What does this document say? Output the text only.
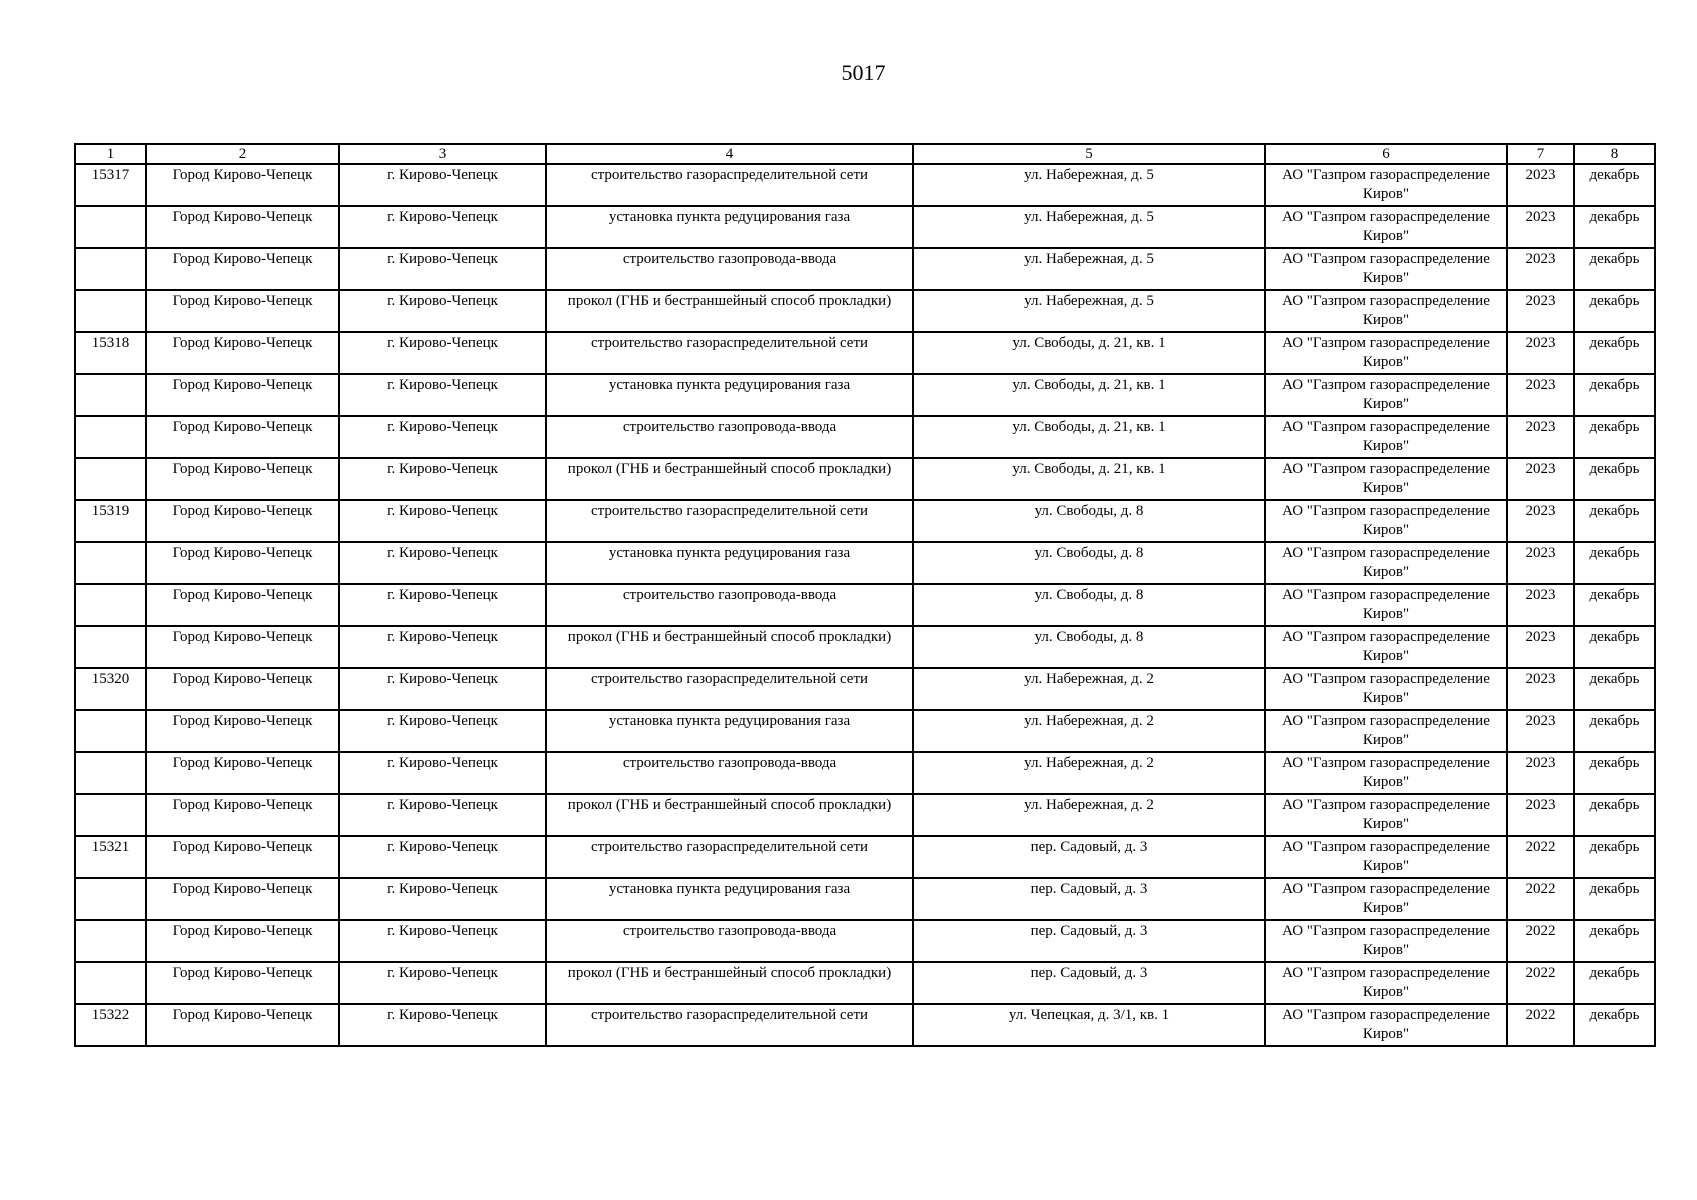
5017
1	2	3	4	5	6	7	8
15317	Город Кирово-Чепецк	г. Кирово-Чепецк	строительство газораспределительной сети	ул. Набережная, д. 5	АО "Газпром газораспределение Киров"	2023	декабрь
	Город Кирово-Чепецк	г. Кирово-Чепецк	установка пункта редуцирования газа	ул. Набережная, д. 5	АО "Газпром газораспределение Киров"	2023	декабрь
	Город Кирово-Чепецк	г. Кирово-Чепецк	строительство газопровода-ввода	ул. Набережная, д. 5	АО "Газпром газораспределение Киров"	2023	декабрь
	Город Кирово-Чепецк	г. Кирово-Чепецк	прокол (ГНБ и бестраншейный способ прокладки)	ул. Набережная, д. 5	АО "Газпром газораспределение Киров"	2023	декабрь
15318	Город Кирово-Чепецк	г. Кирово-Чепецк	строительство газораспределительной сети	ул. Свободы, д. 21, кв. 1	АО "Газпром газораспределение Киров"	2023	декабрь
	Город Кирово-Чепецк	г. Кирово-Чепецк	установка пункта редуцирования газа	ул. Свободы, д. 21, кв. 1	АО "Газпром газораспределение Киров"	2023	декабрь
	Город Кирово-Чепецк	г. Кирово-Чепецк	строительство газопровода-ввода	ул. Свободы, д. 21, кв. 1	АО "Газпром газораспределение Киров"	2023	декабрь
	Город Кирово-Чепецк	г. Кирово-Чепецк	прокол (ГНБ и бестраншейный способ прокладки)	ул. Свободы, д. 21, кв. 1	АО "Газпром газораспределение Киров"	2023	декабрь
15319	Город Кирово-Чепецк	г. Кирово-Чепецк	строительство газораспределительной сети	ул. Свободы, д. 8	АО "Газпром газораспределение Киров"	2023	декабрь
	Город Кирово-Чепецк	г. Кирово-Чепецк	установка пункта редуцирования газа	ул. Свободы, д. 8	АО "Газпром газораспределение Киров"	2023	декабрь
	Город Кирово-Чепецк	г. Кирово-Чепецк	строительство газопровода-ввода	ул. Свободы, д. 8	АО "Газпром газораспределение Киров"	2023	декабрь
	Город Кирово-Чепецк	г. Кирово-Чепецк	прокол (ГНБ и бестраншейный способ прокладки)	ул. Свободы, д. 8	АО "Газпром газораспределение Киров"	2023	декабрь
15320	Город Кирово-Чепецк	г. Кирово-Чепецк	строительство газораспределительной сети	ул. Набережная, д. 2	АО "Газпром газораспределение Киров"	2023	декабрь
	Город Кирово-Чепецк	г. Кирово-Чепецк	установка пункта редуцирования газа	ул. Набережная, д. 2	АО "Газпром газораспределение Киров"	2023	декабрь
	Город Кирово-Чепецк	г. Кирово-Чепецк	строительство газопровода-ввода	ул. Набережная, д. 2	АО "Газпром газораспределение Киров"	2023	декабрь
	Город Кирово-Чепецк	г. Кирово-Чепецк	прокол (ГНБ и бестраншейный способ прокладки)	ул. Набережная, д. 2	АО "Газпром газораспределение Киров"	2023	декабрь
15321	Город Кирово-Чепецк	г. Кирово-Чепецк	строительство газораспределительной сети	пер. Садовый, д. 3	АО "Газпром газораспределение Киров"	2022	декабрь
	Город Кирово-Чепецк	г. Кирово-Чепецк	установка пункта редуцирования газа	пер. Садовый, д. 3	АО "Газпром газораспределение Киров"	2022	декабрь
	Город Кирово-Чепецк	г. Кирово-Чепецк	строительство газопровода-ввода	пер. Садовый, д. 3	АО "Газпром газораспределение Киров"	2022	декабрь
	Город Кирово-Чепецк	г. Кирово-Чепецк	прокол (ГНБ и бестраншейный способ прокладки)	пер. Садовый, д. 3	АО "Газпром газораспределение Киров"	2022	декабрь
15322	Город Кирово-Чепецк	г. Кирово-Чепецк	строительство газораспределительной сети	ул. Чепецкая, д. 3/1, кв. 1	АО "Газпром газораспределение Киров"	2022	декабрь
